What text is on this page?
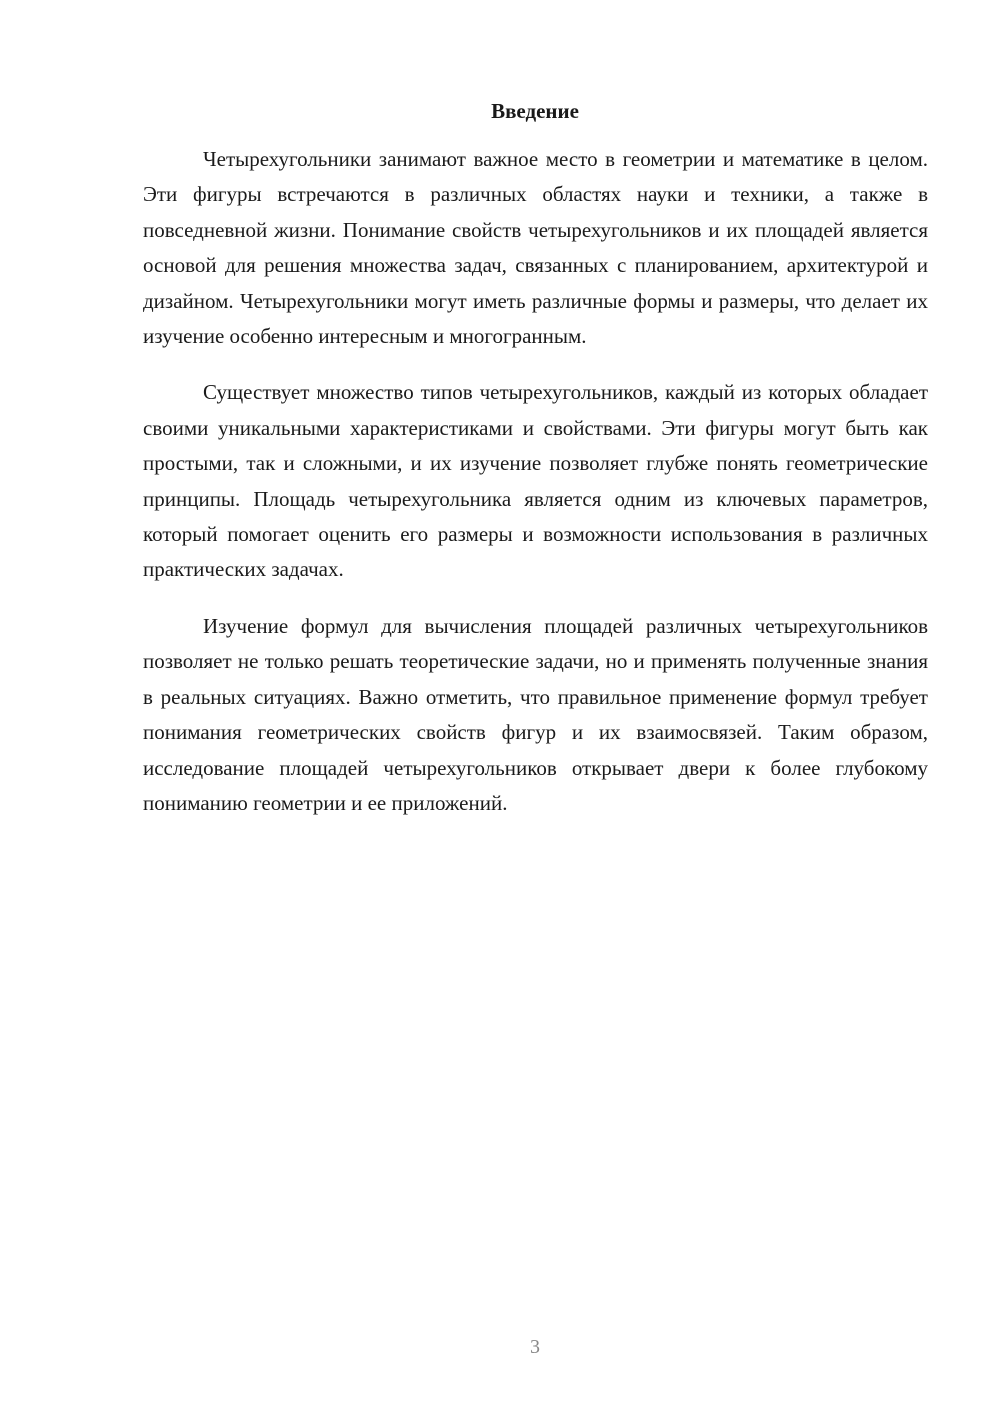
Введение

Четырехугольники занимают важное место в геометрии и математике в целом. Эти фигуры встречаются в различных областях науки и техники, а также в повседневной жизни. Понимание свойств четырехугольников и их площадей является основой для решения множества задач, связанных с планированием, архитектурой и дизайном. Четырехугольники могут иметь различные формы и размеры, что делает их изучение особенно интересным и многогранным.

Существует множество типов четырехугольников, каждый из которых обладает своими уникальными характеристиками и свойствами. Эти фигуры могут быть как простыми, так и сложными, и их изучение позволяет глубже понять геометрические принципы. Площадь четырехугольника является одним из ключевых параметров, который помогает оценить его размеры и возможности использования в различных практических задачах.

Изучение формул для вычисления площадей различных четырехугольников позволяет не только решать теоретические задачи, но и применять полученные знания в реальных ситуациях. Важно отметить, что правильное применение формул требует понимания геометрических свойств фигур и их взаимосвязей. Таким образом, исследование площадей четырехугольников открывает двери к более глубокому пониманию геометрии и ее приложений.

3
